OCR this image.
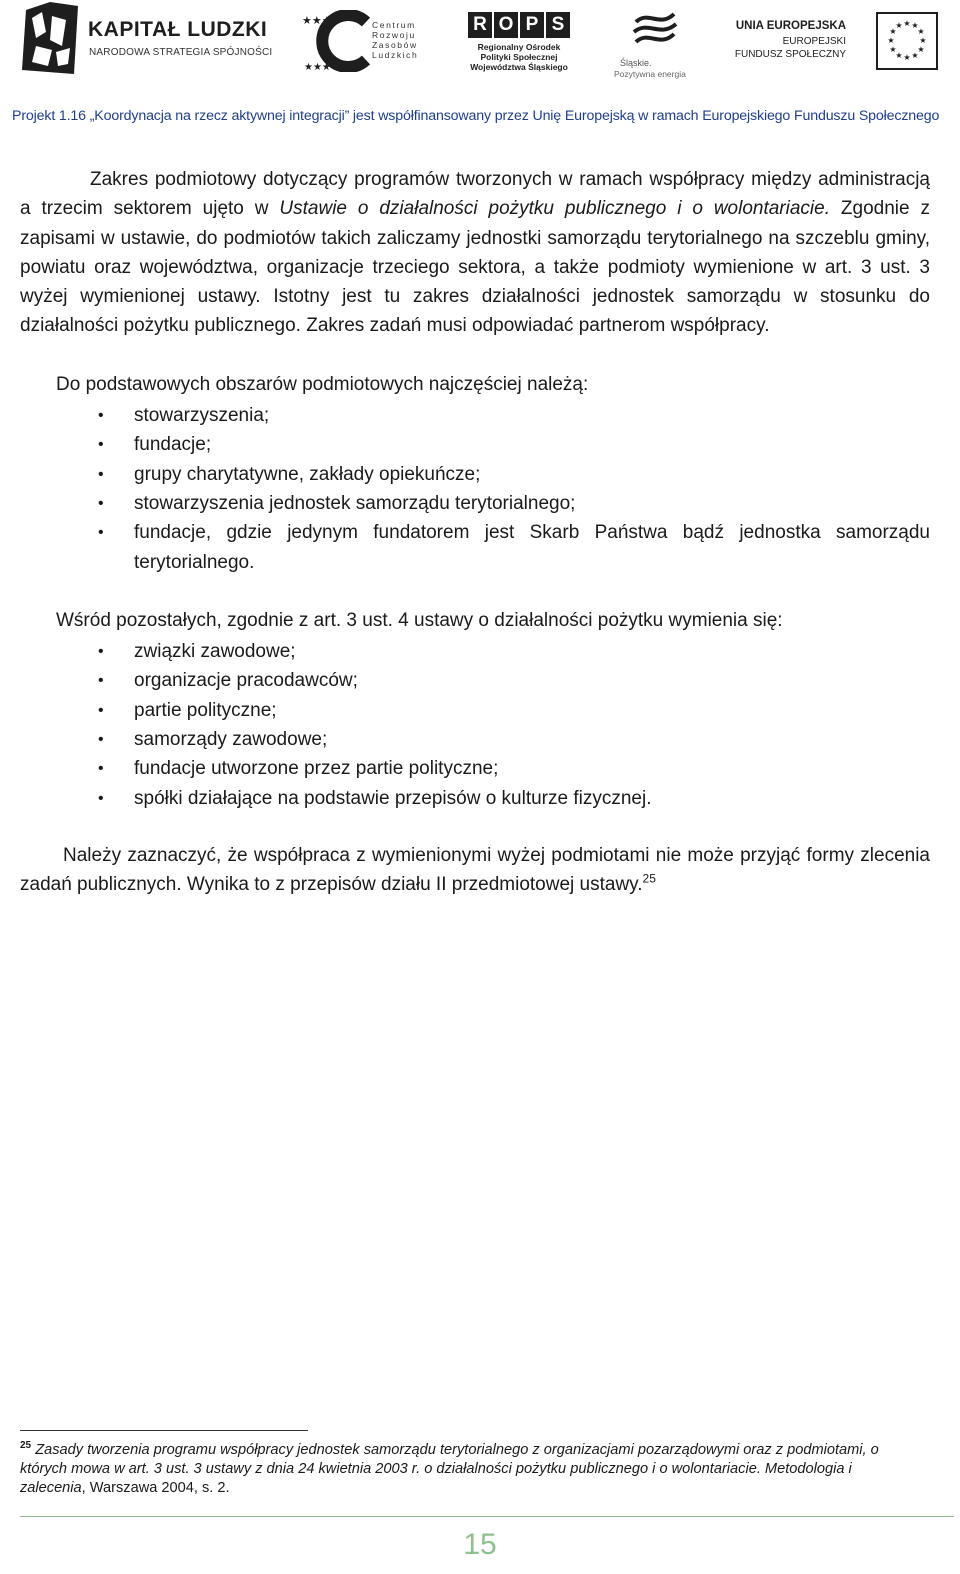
KAPITAŁ LUDZKI
NARODOWA STRATEGIA SPÓJNOŚCI
★★★
★★★
Centrum
Rozwoju
Zasobów
Ludzkich
R O P S
Regionalny Ośrodek
Polityki Społecznej
Województwa Śląskiego	Śląskie.
Pozytywna energia
UNIA EUROPEJSKA
EUROPEJSKI
FUNDUSZ SPOŁECZNY
★ ★
★
★
★
★
★
★
★
★
★
★
Projekt 1.16 „Koordynacja na rzecz aktywnej integracji” jest współfinansowany przez Unię Europejską w ramach Europejskiego Funduszu Społecznego

Zakres podmiotowy dotyczący programów tworzonych w ramach współpracy między administracją a trzecim sektorem ujęto w Ustawie o działalności pożytku publicznego i o wolontariacie. Zgodnie z zapisami w ustawie, do podmiotów takich zaliczamy jednostki samorządu terytorialnego na szczeblu gminy, powiatu oraz województwa, organizacje trzeciego sektora, a także podmioty wymienione w art. 3 ust. 3 wyżej wymienionej ustawy. Istotny jest tu zakres działalności jednostek samorządu w stosunku do działalności pożytku publicznego. Zakres zadań musi odpowiadać partnerom współpracy.

Do podstawowych obszarów podmiotowych najczęściej należą:

• stowarzyszenia;
• fundacje;
• grupy charytatywne, zakłady opiekuńcze;
• stowarzyszenia jednostek samorządu terytorialnego;
• fundacje, gdzie jedynym fundatorem jest Skarb Państwa bądź jednostka samorządu terytorialnego.

Wśród pozostałych, zgodnie z art. 3 ust. 4 ustawy o działalności pożytku wymienia się:

• związki zawodowe;
• organizacje pracodawców;
• partie polityczne;
• samorządy zawodowe;
• fundacje utworzone przez partie polityczne;
• spółki działające na podstawie przepisów o kulturze fizycznej.

Należy zaznaczyć, że współpraca z wymienionymi wyżej podmiotami nie może przyjąć formy zlecenia zadań publicznych. Wynika to z przepisów działu II przedmiotowej ustawy.$^{25}$

$^{25}$ Zasady tworzenia programu współpracy jednostek samorządu terytorialnego z organizacjami pozarządowymi oraz z podmiotami, o których mowa w art. 3 ust. 3 ustawy z dnia 24 kwietnia 2003 r. o działalności pożytku publicznego i o wolontariacie. Metodologia i zalecenia, Warszawa 2004, s. 2.
15
